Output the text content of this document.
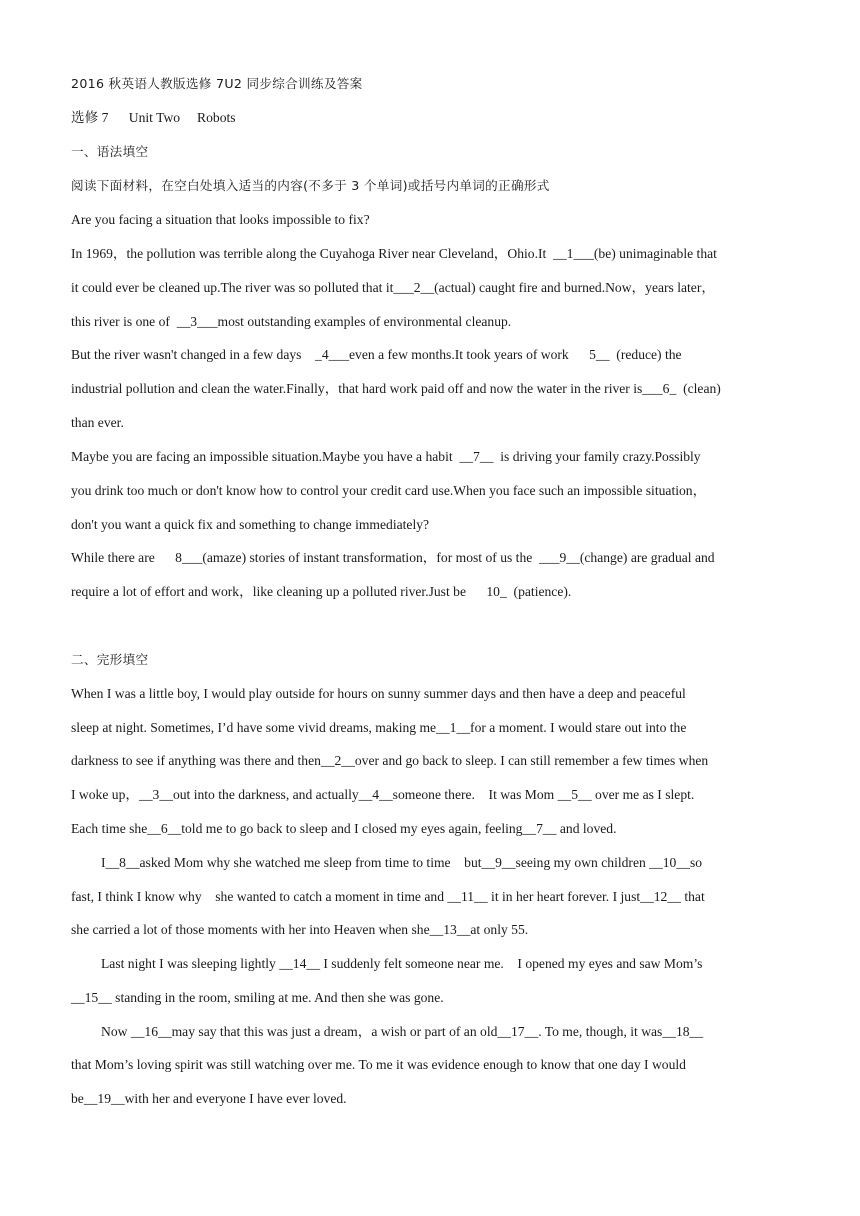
2016 秋英语人教版选修 7U2 同步综合训练及答案
选修 7      Unit Two     Robots
一、语法填空
阅读下面材料，在空白处填入适当的内容(不多于 3 个单词)或括号内单词的正确形式
Are you facing a situation that looks impossible to fix?
In 1969，the pollution was terrible along the Cuyahoga River near Cleveland，Ohio.It  __1___(be) unimaginable that
it could ever be cleaned up.The river was so polluted that it___2__(actual) caught fire and burned.Now，years later，
this river is one of  __3___most outstanding examples of environmental cleanup.
But the river wasn't changed in a few days    _4___even a few months.It took years of work      5__  (reduce) the
industrial pollution and clean the water.Finally，that hard work paid off and now the water in the river is___6_  (clean)
than ever.
Maybe you are facing an impossible situation.Maybe you have a habit  __7__  is driving your family crazy.Possibly
you drink too much or don't know how to control your credit card use.When you face such an impossible situation，
don't you want a quick fix and something to change immediately?
While there are      8___(amaze) stories of instant transformation，for most of us the  ___9__(change) are gradual and
require a lot of effort and work，like cleaning up a polluted river.Just be      10_  (patience).
二、完形填空
When I was a little boy, I would play outside for hours on sunny summer days and then have a deep and peaceful
sleep at night. Sometimes, I’d have some vivid dreams, making me__1__for a moment. I would stare out into the
darkness to see if anything was there and then__2__over and go back to sleep. I can still remember a few times when
I woke up，__3__out into the darkness, and actually__4__someone there.    It was Mom __5__ over me as I slept.
Each time she__6__told me to go back to sleep and I closed my eyes again, feeling__7__ and loved.
I__8__asked Mom why she watched me sleep from time to time    but__9__seeing my own children __10__so
fast, I think I know why    she wanted to catch a moment in time and __11__ it in her heart forever. I just__12__ that
she carried a lot of those moments with her into Heaven when she__13__at only 55.
Last night I was sleeping lightly __14__ I suddenly felt someone near me.    I opened my eyes and saw Mom’s
__15__ standing in the room, smiling at me. And then she was gone.
Now __16__may say that this was just a dream，a wish or part of an old__17__. To me, though, it was__18__
that Mom’s loving spirit was still watching over me. To me it was evidence enough to know that one day I would
be__19__with her and everyone I have ever loved.
